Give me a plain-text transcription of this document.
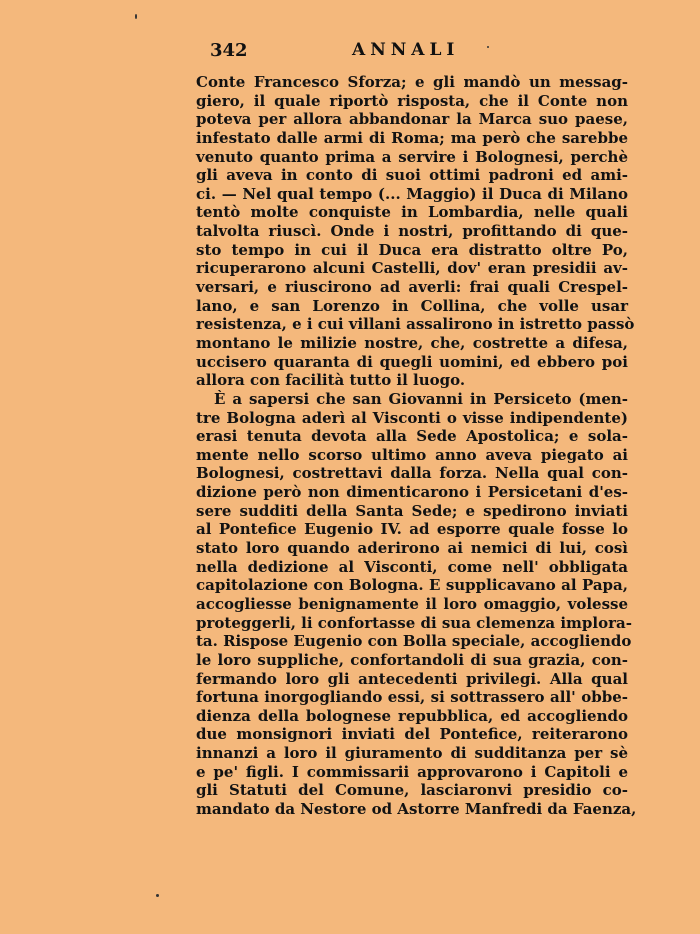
342	ANNALI
Conte Francesco Sforza; e gli mandò un messag-
giero, il quale riportò risposta, che il Conte non
poteva per allora abbandonar la Marca suo paese,
infestato dalle armi di Roma; ma però che sarebbe
venuto quanto prima a servire i Bolognesi, perchè
gli aveva in conto di suoi ottimi padroni ed ami-
ci. — Nel qual tempo (... Maggio) il Duca di Milano
tentò molte conquiste in Lombardia, nelle quali
talvolta riuscì. Onde i nostri, profittando di que-
sto tempo in cui il Duca era distratto oltre Po,
ricuperarono alcuni Castelli, dov' eran presidii av-
versari, e riuscirono ad averli: frai quali Crespel-
lano, e san Lorenzo in Collina, che volle usar
resistenza, e i cui villani assalirono in istretto passò
montano le milizie nostre, che, costrette a difesa,
uccisero quaranta di quegli uomini, ed ebbero poi
allora con facilità tutto il luogo.
È a sapersi che san Giovanni in Persiceto (men-
tre Bologna aderì al Visconti o visse indipendente)
erasi tenuta devota alla Sede Apostolica; e sola-
mente nello scorso ultimo anno aveva piegato ai
Bolognesi, costrettavi dalla forza. Nella qual con-
dizione però non dimenticarono i Persicetani d'es-
sere sudditi della Santa Sede; e spedirono inviati
al Pontefice Eugenio IV. ad esporre quale fosse lo
stato loro quando aderirono ai nemici di lui, così
nella dedizione al Visconti, come nell' obbligata
capitolazione con Bologna. E supplicavano al Papa,
accogliesse benignamente il loro omaggio, volesse
proteggerli, li confortasse di sua clemenza implora-
ta. Rispose Eugenio con Bolla speciale, accogliendo
le loro suppliche, confortandoli di sua grazia, con-
fermando loro gli antecedenti privilegi. Alla qual
fortuna inorgogliando essi, si sottrassero all' obbe-
dienza della bolognese repubblica, ed accogliendo
due monsignori inviati del Pontefice, reiterarono
innanzi a loro il giuramento di sudditanza per sè
e pe' figli. I commissarii approvarono i Capitoli e
gli Statuti del Comune, lasciaronvi presidio co-
mandato da Nestore od Astorre Manfredi da Faenza,
